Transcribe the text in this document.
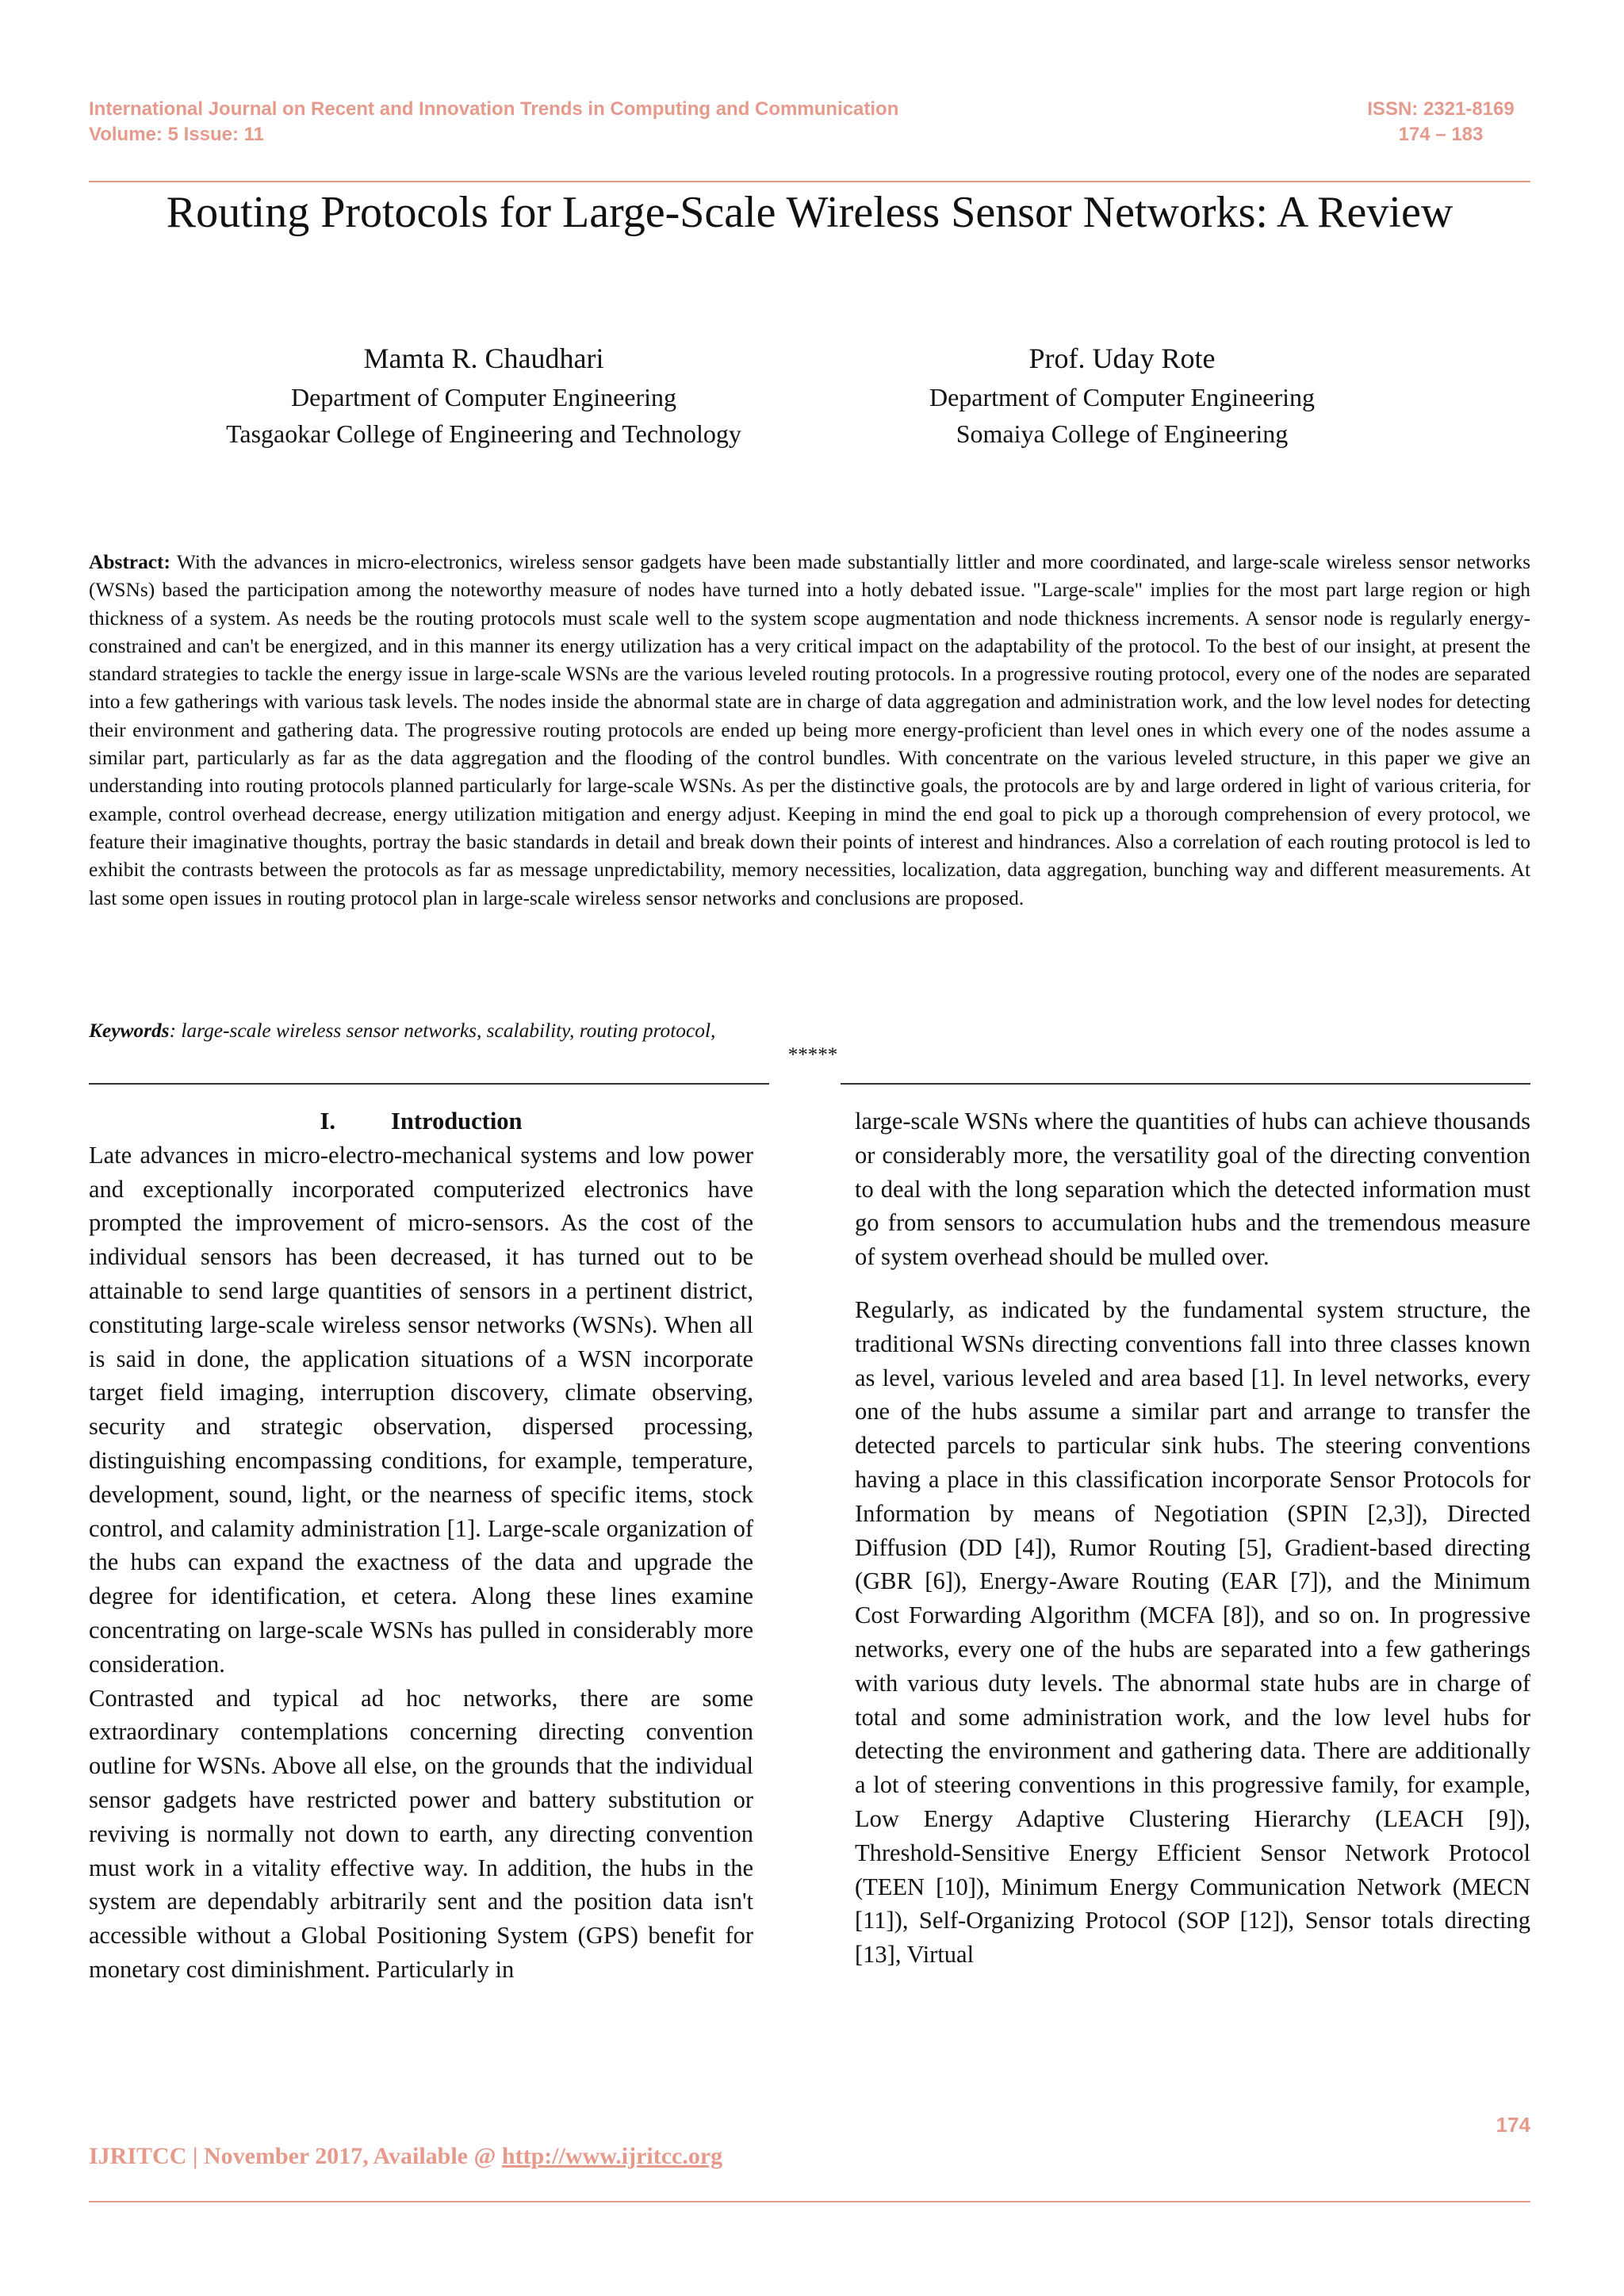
International Journal on Recent and Innovation Trends in Computing and Communication
Volume: 5 Issue: 11
ISSN: 2321-8169
174 – 183
Routing Protocols for Large-Scale Wireless Sensor Networks: A Review
Mamta R. Chaudhari
Department of Computer Engineering
Tasgaokar College of Engineering and Technology
Prof. Uday Rote
Department of Computer Engineering
Somaiya College of Engineering
Abstract: With the advances in micro-electronics, wireless sensor gadgets have been made substantially littler and more coordinated, and large-scale wireless sensor networks (WSNs) based the participation among the noteworthy measure of nodes have turned into a hotly debated issue. "Large-scale" implies for the most part large region or high thickness of a system. As needs be the routing protocols must scale well to the system scope augmentation and node thickness increments. A sensor node is regularly energy-constrained and can't be energized, and in this manner its energy utilization has a very critical impact on the adaptability of the protocol. To the best of our insight, at present the standard strategies to tackle the energy issue in large-scale WSNs are the various leveled routing protocols. In a progressive routing protocol, every one of the nodes are separated into a few gatherings with various task levels. The nodes inside the abnormal state are in charge of data aggregation and administration work, and the low level nodes for detecting their environment and gathering data. The progressive routing protocols are ended up being more energy-proficient than level ones in which every one of the nodes assume a similar part, particularly as far as the data aggregation and the flooding of the control bundles. With concentrate on the various leveled structure, in this paper we give an understanding into routing protocols planned particularly for large-scale WSNs. As per the distinctive goals, the protocols are by and large ordered in light of various criteria, for example, control overhead decrease, energy utilization mitigation and energy adjust. Keeping in mind the end goal to pick up a thorough comprehension of every protocol, we feature their imaginative thoughts, portray the basic standards in detail and break down their points of interest and hindrances. Also a correlation of each routing protocol is led to exhibit the contrasts between the protocols as far as message unpredictability, memory necessities, localization, data aggregation, bunching way and different measurements. At last some open issues in routing protocol plan in large-scale wireless sensor networks and conclusions are proposed.
Keywords: large-scale wireless sensor networks, scalability, routing protocol,
*****

I. Introduction

Late advances in micro-electro-mechanical systems and low power and exceptionally incorporated computerized electronics have prompted the improvement of micro-sensors. As the cost of the individual sensors has been decreased, it has turned out to be attainable to send large quantities of sensors in a pertinent district, constituting large-scale wireless sensor networks (WSNs). When all is said in done, the application situations of a WSN incorporate target field imaging, interruption discovery, climate observing, security and strategic observation, dispersed processing, distinguishing encompassing conditions, for example, temperature, development, sound, light, or the nearness of specific items, stock control, and calamity administration [1]. Large-scale organization of the hubs can expand the exactness of the data and upgrade the degree for identification, et cetera. Along these lines examine concentrating on large-scale WSNs has pulled in considerably more consideration.

Contrasted and typical ad hoc networks, there are some extraordinary contemplations concerning directing convention outline for WSNs. Above all else, on the grounds that the individual sensor gadgets have restricted power and battery substitution or reviving is normally not down to earth, any directing convention must work in a vitality effective way. In addition, the hubs in the system are dependably arbitrarily sent and the position data isn't accessible without a Global Positioning System (GPS) benefit for monetary cost diminishment. Particularly in

large-scale WSNs where the quantities of hubs can achieve thousands or considerably more, the versatility goal of the directing convention to deal with the long separation which the detected information must go from sensors to accumulation hubs and the tremendous measure of system overhead should be mulled over.

Regularly, as indicated by the fundamental system structure, the traditional WSNs directing conventions fall into three classes known as level, various leveled and area based [1]. In level networks, every one of the hubs assume a similar part and arrange to transfer the detected parcels to particular sink hubs. The steering conventions having a place in this classification incorporate Sensor Protocols for Information by means of Negotiation (SPIN [2,3]), Directed Diffusion (DD [4]), Rumor Routing [5], Gradient-based directing (GBR [6]), Energy-Aware Routing (EAR [7]), and the Minimum Cost Forwarding Algorithm (MCFA [8]), and so on. In progressive networks, every one of the hubs are separated into a few gatherings with various duty levels. The abnormal state hubs are in charge of total and some administration work, and the low level hubs for detecting the environment and gathering data. There are additionally a lot of steering conventions in this progressive family, for example, Low Energy Adaptive Clustering Hierarchy (LEACH [9]), Threshold-Sensitive Energy Efficient Sensor Network Protocol (TEEN [10]), Minimum Energy Communication Network (MECN [11]), Self-Organizing Protocol (SOP [12]), Sensor totals directing [13], Virtual

174
IJRITCC | November 2017, Available @ http://www.ijritcc.org
